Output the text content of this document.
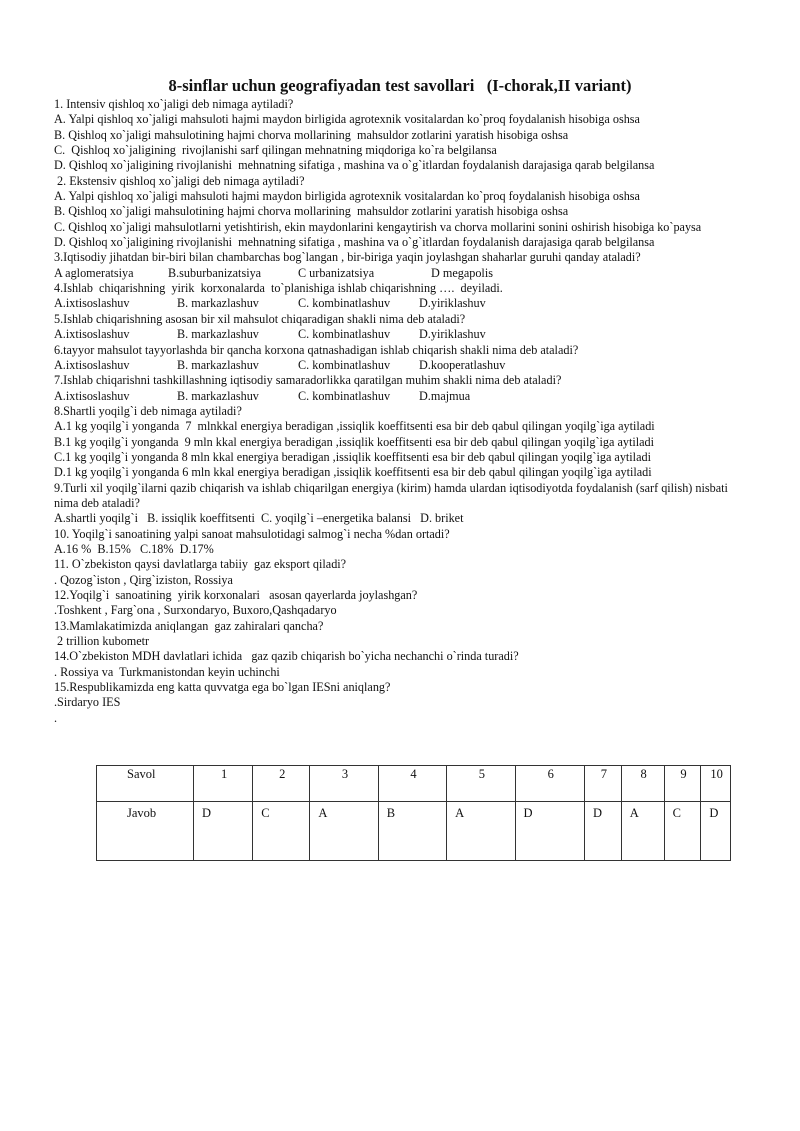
8-sinflar uchun geografiyadan test savollari   (I-chorak,II variant)
1. Intensiv qishloq xo`jaligi deb nimaga aytiladi?
A. Yalpi qishloq xo`jaligi mahsuloti hajmi maydon birligida agrotexnik vositalardan ko`proq foydalanish hisobiga oshsa
B. Qishloq xo`jaligi mahsulotining hajmi chorva mollarining  mahsuldor zotlarini yaratish hisobiga oshsa
C.  Qishloq xo`jaligining  rivojlanishi sarf qilingan mehnatning miqdoriga ko`ra belgilansa
D. Qishloq xo`jaligining rivojlanishi  mehnatning sifatiga , mashina va o`g`itlardan foydalanish darajasiga qarab belgilansa
2. Ekstensiv qishloq xo`jaligi deb nimaga aytiladi?
A. Yalpi qishloq xo`jaligi mahsuloti hajmi maydon birligida agrotexnik vositalardan ko`proq foydalanish hisobiga oshsa
B. Qishloq xo`jaligi mahsulotining hajmi chorva mollarining  mahsuldor zotlarini yaratish hisobiga oshsa
C. Qishloq xo`jaligi mahsulotlarni yetishtirish, ekin maydonlarini kengaytirish va chorva mollarini sonini oshirish hisobiga ko`paysa
D. Qishloq xo`jaligining rivojlanishi  mehnatning sifatiga , mashina va o`g`itlardan foydalanish darajasiga qarab belgilansa
3.Iqtisodiy jihatdan bir-biri bilan chambarchas bog`langan , bir-biriga yaqin joylashgan shaharlar guruhi qanday ataladi?
A aglomeratsiya	B.suburbanizatsiya	C urbanizatsiya	D megapolis
4.Ishlab  chiqarishning  yirik  korxonalarda  to`planishiga ishlab chiqarishning ….  deyiladi.
A.ixtisoslashuv	B. markazlashuv	C. kombinatlashuv	D.yiriklashuv
5.Ishlab chiqarishning asosan bir xil mahsulot chiqaradigan shakli nima deb ataladi?
A.ixtisoslashuv	B. markazlashuv	C. kombinatlashuv	D.yiriklashuv
6.tayyor mahsulot tayyorlashda bir qancha korxona qatnashadigan ishlab chiqarish shakli nima deb ataladi?
A.ixtisoslashuv	B. markazlashuv	C. kombinatlashuv	D.kooperatlashuv
7.Ishlab chiqarishni tashkillashning iqtisodiy samaradorlikka qaratilgan muhim shakli nima deb ataladi?
A.ixtisoslashuv	B. markazlashuv	C. kombinatlashuv	D.majmua
8.Shartli yoqilg`i deb nimaga aytiladi?
A.1 kg yoqilg`i yonganda  7  mlnkkal energiya beradigan ,issiqlik koeffitsenti esa bir deb qabul qilingan yoqilg`iga aytiladi
B.1 kg yoqilg`i yonganda  9 mln kkal energiya beradigan ,issiqlik koeffitsenti esa bir deb qabul qilingan yoqilg`iga aytiladi
C.1 kg yoqilg`i yonganda 8 mln kkal energiya beradigan ,issiqlik koeffitsenti esa bir deb qabul qilingan yoqilg`iga aytiladi
D.1 kg yoqilg`i yonganda 6 mln kkal energiya beradigan ,issiqlik koeffitsenti esa bir deb qabul qilingan yoqilg`iga aytiladi
9.Turli xil yoqilg`ilarni qazib chiqarish va ishlab chiqarilgan energiya (kirim) hamda ulardan iqtisodiyotda foydalanish (sarf qilish) nisbati nima deb ataladi?
A.shartli yoqilg`i   B. issiqlik koeffitsenti  C. yoqilg`i –energetika balansi   D. briket
10. Yoqilg`i sanoatining yalpi sanoat mahsulotidagi salmog`i necha %dan ortadi?
A.16 %  B.15%   C.18%  D.17%
11. O`zbekiston qaysi davlatlarga tabiiy  gaz eksport qiladi?
. Qozog`iston , Qirg`iziston, Rossiya
12.Yoqilg`i  sanoatining  yirik korxonalari   asosan qayerlarda joylashgan?
.Toshkent , Farg`ona , Surxondaryo, Buxoro,Qashqadaryo
13.Mamlakatimizda aniqlangan  gaz zahiralari qancha?
2 trillion kubometr
14.O`zbekiston MDH davlatlari ichida   gaz qazib chiqarish bo`yicha nechanchi o`rinda turadi?
. Rossiya va  Turkmanistondan keyin uchinchi
15.Respublikamizda eng katta quvvatga ega bo`lgan IESni aniqlang?
.Sirdaryo IES
.
Savol	1	2	3	4	5	6	7	8	9	10
Javob	D	C	A	B	A	D	D	A	C	D
